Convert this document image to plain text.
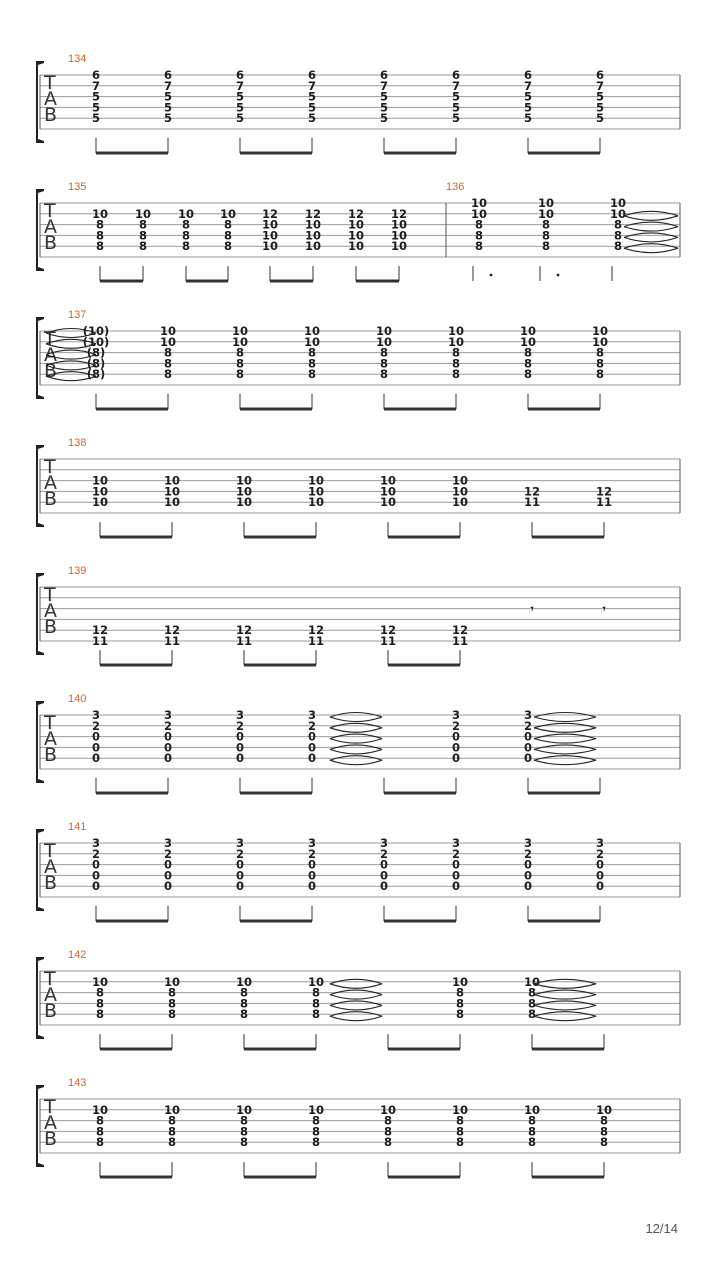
T
A
B
134
6
7
5
5
5
6
7
5
5
5
6
7
5
5
5
6
7
5
5
5
6
7
5
5
5
6
7
5
5
5
6
7
5
5
5
6
7
5
5
5
T
A
B
135
10
8
8
8
10
8
8
8
10
8
8
8
10
8
8
8
12
10
10
10
12
10
10
10
12
10
10
10
12
10
10
10
136
10
10
8
8
8
10
10
8
8
8
10
10
8
8
8
T
A
B
137
(10)
(10)
(8)
(8)
(8)
10
10
8
8
8
10
10
8
8
8
10
10
8
8
8
10
10
8
8
8
10
10
8
8
8
10
10
8
8
8
10
10
8
8
8
T
A
B
138
10
10
10
10
10
10
10
10
10
10
10
10
10
10
10
10
10
10
12
11
12
11
T
A
B
139
12
11
12
11
12
11
12
11
12
11
12
11
𝄾	𝄾
T
A
B
140
3
2
0
0
0
3
2
0
0
0
3
2
0
0
0
3
2
0
0
0
3
2
0
0
0
3
2
0
0
0
T
A
B
141
3
2
0
0
0
3
2
0
0
0
3
2
0
0
0
3
2
0
0
0
3
2
0
0
0
3
2
0
0
0
3
2
0
0
0
3
2
0
0
0
T
A
B
142
10
8
8
8
10
8
8
8
10
8
8
8
10
8
8
8
10
8
8
8
10
8
8
8
T
A
B
143
10
8
8
8
10
8
8
8
10
8
8
8
10
8
8
8
10
8
8
8
10
8
8
8
10
8
8
8
10
8
8
8
12/14
